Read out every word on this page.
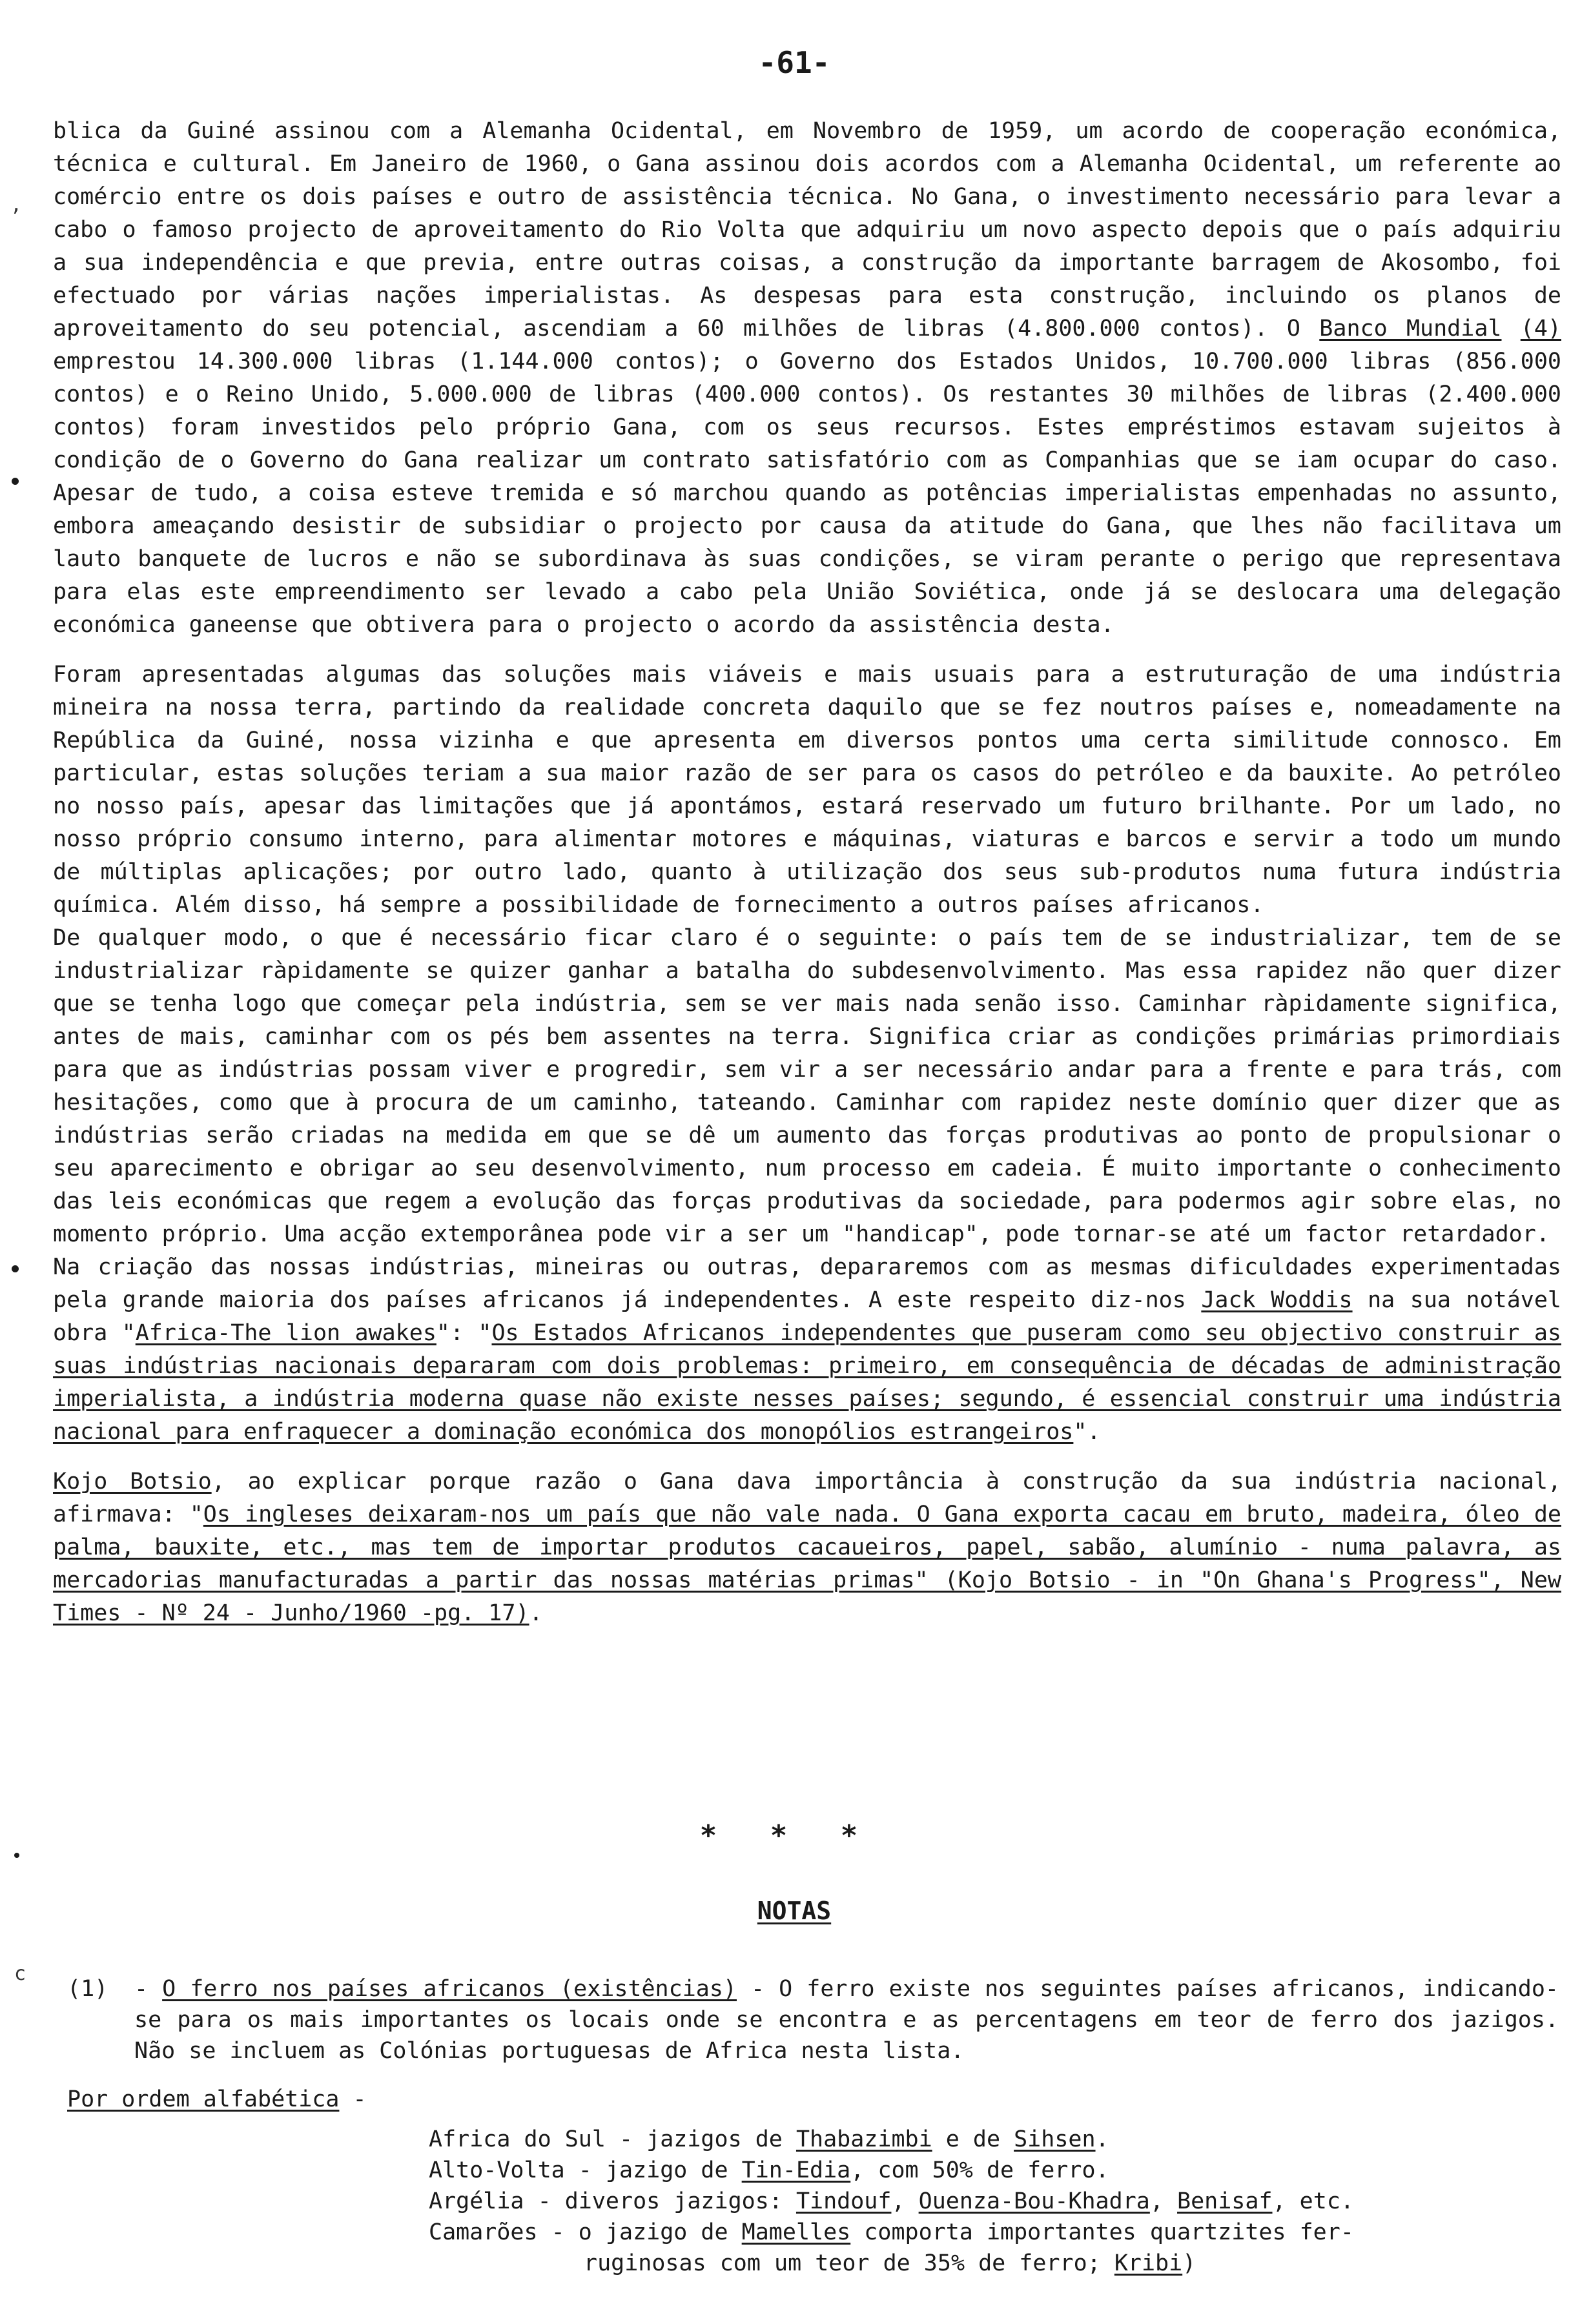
-61-

blica da Guiné assinou com a Alemanha Ocidental, em Novembro de 1959, um acordo de cooperação económica, técnica e cultural. Em Janeiro de 1960, o Gana assinou dois acordos com a Alemanha Ocidental, um referente ao comércio entre os dois países e outro de assistência técnica. No Gana, o investimento necessário para levar a cabo o famoso projecto de aproveitamento do Rio Volta que adquiriu um novo aspecto depois que o país adquiriu a sua independência e que previa, entre outras coisas, a construção da importante barragem de Akosombo, foi efectuado por várias nações imperialistas. As despesas para esta construção, incluindo os planos de aproveitamento do seu potencial, ascendiam a 60 milhões de libras (4.800.000 contos). O Banco Mundial (4) emprestou 14.300.000 libras (1.144.000 contos); o Governo dos Estados Unidos, 10.700.000 libras (856.000 contos) e o Reino Unido, 5.000.000 de libras (400.000 contos). Os restantes 30 milhões de libras (2.400.000 contos) foram investidos pelo próprio Gana, com os seus recursos. Estes empréstimos estavam sujeitos à condição de o Governo do Gana realizar um contrato satisfatório com as Companhias que se iam ocupar do caso. Apesar de tudo, a coisa esteve tremida e só marchou quando as potências imperialistas empenhadas no assunto, embora ameaçando desistir de subsidiar o projecto por causa da atitude do Gana, que lhes não facilitava um lauto banquete de lucros e não se subordinava às suas condições, se viram perante o perigo que representava para elas este empreendimento ser levado a cabo pela União Soviética, onde já se deslocara uma delegação económica ganeense que obtivera para o projecto o acordo da assistência desta.

Foram apresentadas algumas das soluções mais viáveis e mais usuais para a estruturação de uma indústria mineira na nossa terra, partindo da realidade concreta daquilo que se fez noutros países e, nomeadamente na República da Guiné, nossa vizinha e que apresenta em diversos pontos uma certa similitude connosco. Em particular, estas soluções teriam a sua maior razão de ser para os casos do petróleo e da bauxite. Ao petróleo no nosso país, apesar das limitações que já apontámos, estará reservado um futuro brilhante. Por um lado, no nosso próprio consumo interno, para alimentar motores e máquinas, viaturas e barcos e servir a todo um mundo de múltiplas aplicações; por outro lado, quanto à utilização dos seus sub-produtos numa futura indústria química. Além disso, há sempre a possibilidade de fornecimento a outros países africanos.

De qualquer modo, o que é necessário ficar claro é o seguinte: o país tem de se industrializar, tem de se industrializar ràpidamente se quizer ganhar a batalha do subdesenvolvimento. Mas essa rapidez não quer dizer que se tenha logo que começar pela indústria, sem se ver mais nada senão isso. Caminhar ràpidamente significa, antes de mais, caminhar com os pés bem assentes na terra. Significa criar as condições primárias primordiais para que as indústrias possam viver e progredir, sem vir a ser necessário andar para a frente e para trás, com hesitações, como que à procura de um caminho, tateando. Caminhar com rapidez neste domínio quer dizer que as indústrias serão criadas na medida em que se dê um aumento das forças produtivas ao ponto de propulsionar o seu aparecimento e obrigar ao seu desenvolvimento, num processo em cadeia. É muito importante o conhecimento das leis económicas que regem a evolução das forças produtivas da sociedade, para podermos agir sobre elas, no momento próprio. Uma acção extemporânea pode vir a ser um "handicap", pode tornar-se até um factor retardador.

Na criação das nossas indústrias, mineiras ou outras, depararemos com as mesmas dificuldades experimentadas pela grande maioria dos países africanos já independentes. A este respeito diz-nos Jack Woddis na sua notável obra "Africa-The lion awakes": "Os Estados Africanos independentes que puseram como seu objectivo construir as suas indústrias nacionais depararam com dois problemas: primeiro, em consequência de décadas de administração imperialista, a indústria moderna quase não existe nesses países; segundo, é essencial construir uma indústria nacional para enfraquecer a dominação económica dos monopólios estrangeiros".

Kojo Botsio, ao explicar porque razão o Gana dava importância à construção da sua indústria nacional, afirmava: "Os ingleses deixaram-nos um país que não vale nada. O Gana exporta cacau em bruto, madeira, óleo de palma, bauxite, etc., mas tem de importar produtos cacaueiros, papel, sabão, alumínio - numa palavra, as mercadorias manufacturadas a partir das nossas matérias primas" (Kojo Botsio - in "On Ghana's Progress", New Times - Nº 24 - Junho/1960 -pg. 17).

* * *
NOTAS
(1) - O ferro nos países africanos (existências) - O ferro existe nos seguintes países africanos, indicando-se para os mais importantes os locais onde se encontra e as percentagens em teor de ferro dos jazigos. Não se incluem as Colónias portuguesas de Africa nesta lista.
Por ordem alfabética -
Africa do Sul - jazigos de Thabazimbi e de Sihsen.
Alto-Volta - jazigo de Tin-Edia, com 50% de ferro.
Argélia - diveros jazigos: Tindouf, Ouenza-Bou-Khadra, Benisaf, etc.
Camarões - o jazigo de Mamelles comporta importantes quartzites fer-
ruginosas com um teor de 35% de ferro; Kribi)
,
c
